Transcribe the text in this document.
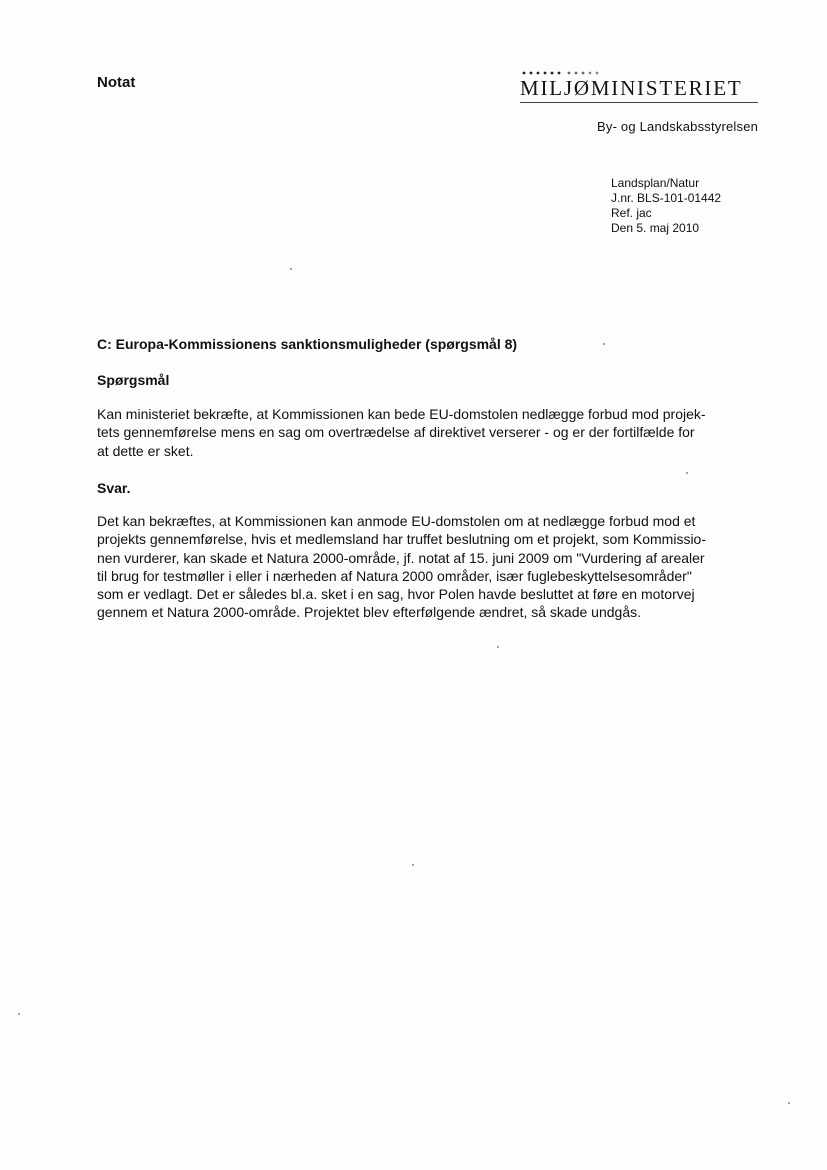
Notat	MILJØMINISTERIET
By- og Landskabsstyrelsen
Landsplan/Natur
J.nr. BLS-101-01442
Ref. jac
Den 5. maj 2010
C: Europa-Kommissionens sanktionsmuligheder (spørgsmål 8)
Spørgsmål
Kan ministeriet bekræfte, at Kommissionen kan bede EU-domstolen nedlægge forbud mod projek-
tets gennemførelse mens en sag om overtrædelse af direktivet verserer - og er der fortilfælde for
at dette er sket.
Svar.
Det kan bekræftes, at Kommissionen kan anmode EU-domstolen om at nedlægge forbud mod et
projekts gennemførelse, hvis et medlemsland har truffet beslutning om et projekt, som Kommissio-
nen vurderer, kan skade et Natura 2000-område, jf. notat af 15. juni 2009 om "Vurdering af arealer
til brug for testmøller i eller i nærheden af Natura 2000 områder, især fuglebeskyttelsesområder"
som er vedlagt. Det er således bl.a. sket i en sag, hvor Polen havde besluttet at føre en motorvej
gennem et Natura 2000-område. Projektet blev efterfølgende ændret, så skade undgås.
